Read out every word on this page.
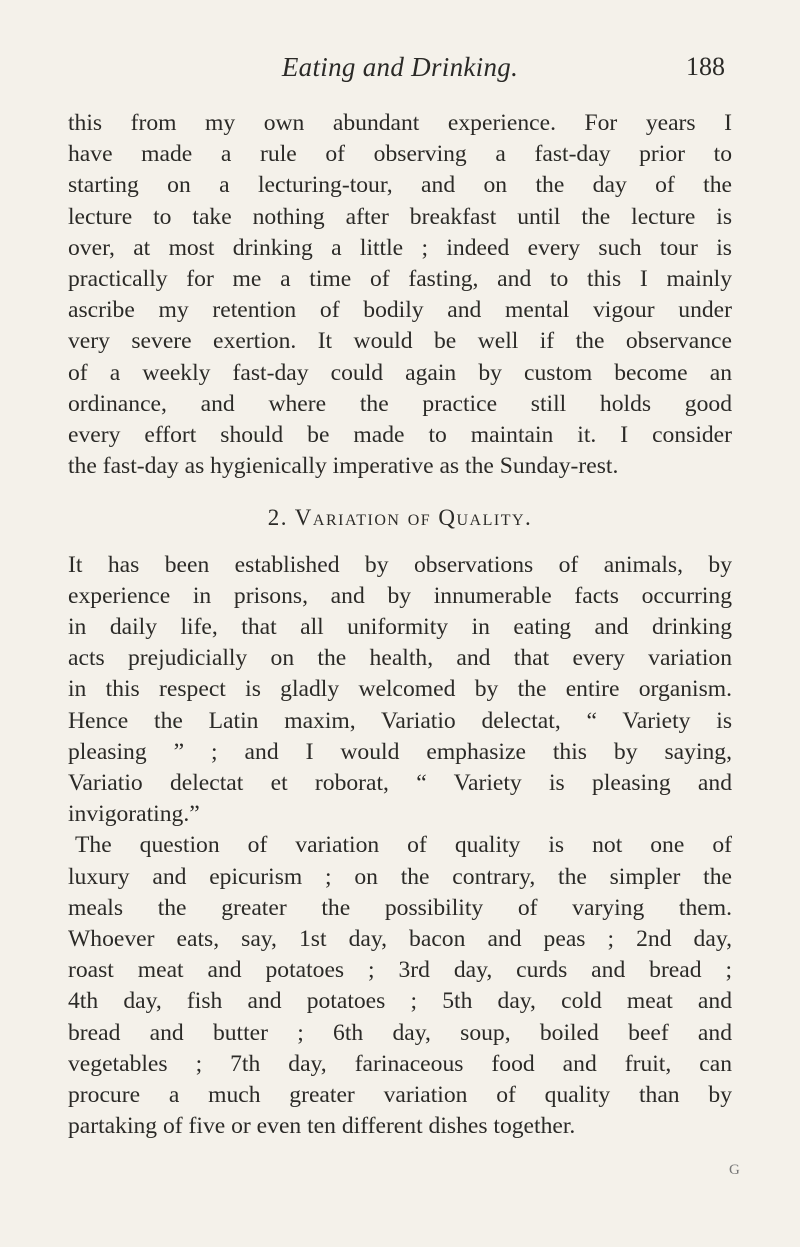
Eating and Drinking.	188

this from my own abundant experience. For years I
have made a rule of observing a fast-day prior to
starting on a lecturing-tour, and on the day of the
lecture to take nothing after breakfast until the lecture is
over, at most drinking a little ; indeed every such tour is
practically for me a time of fasting, and to this I mainly
ascribe my retention of bodily and mental vigour under
very severe exertion. It would be well if the observance
of a weekly fast-day could again by custom become an
ordinance, and where the practice still holds good
every effort should be made to maintain it. I consider
the fast-day as hygienically imperative as the Sunday-rest.

2. Variation of Quality.

It has been established by observations of animals, by
experience in prisons, and by innumerable facts occurring
in daily life, that all uniformity in eating and drinking
acts prejudicially on the health, and that every variation
in this respect is gladly welcomed by the entire organism.
Hence the Latin maxim, Variatio delectat, “ Variety is
pleasing ” ; and I would emphasize this by saying,
Variatio delectat et roborat, “ Variety is pleasing and
invigorating.”

The question of variation of quality is not one of
luxury and epicurism ; on the contrary, the simpler the
meals the greater the possibility of varying them.
Whoever eats, say, 1st day, bacon and peas ; 2nd day,
roast meat and potatoes ; 3rd day, curds and bread ;
4th day, fish and potatoes ; 5th day, cold meat and
bread and butter ; 6th day, soup, boiled beef and
vegetables ; 7th day, farinaceous food and fruit, can
procure a much greater variation of quality than by
partaking of five or even ten different dishes together.

G
